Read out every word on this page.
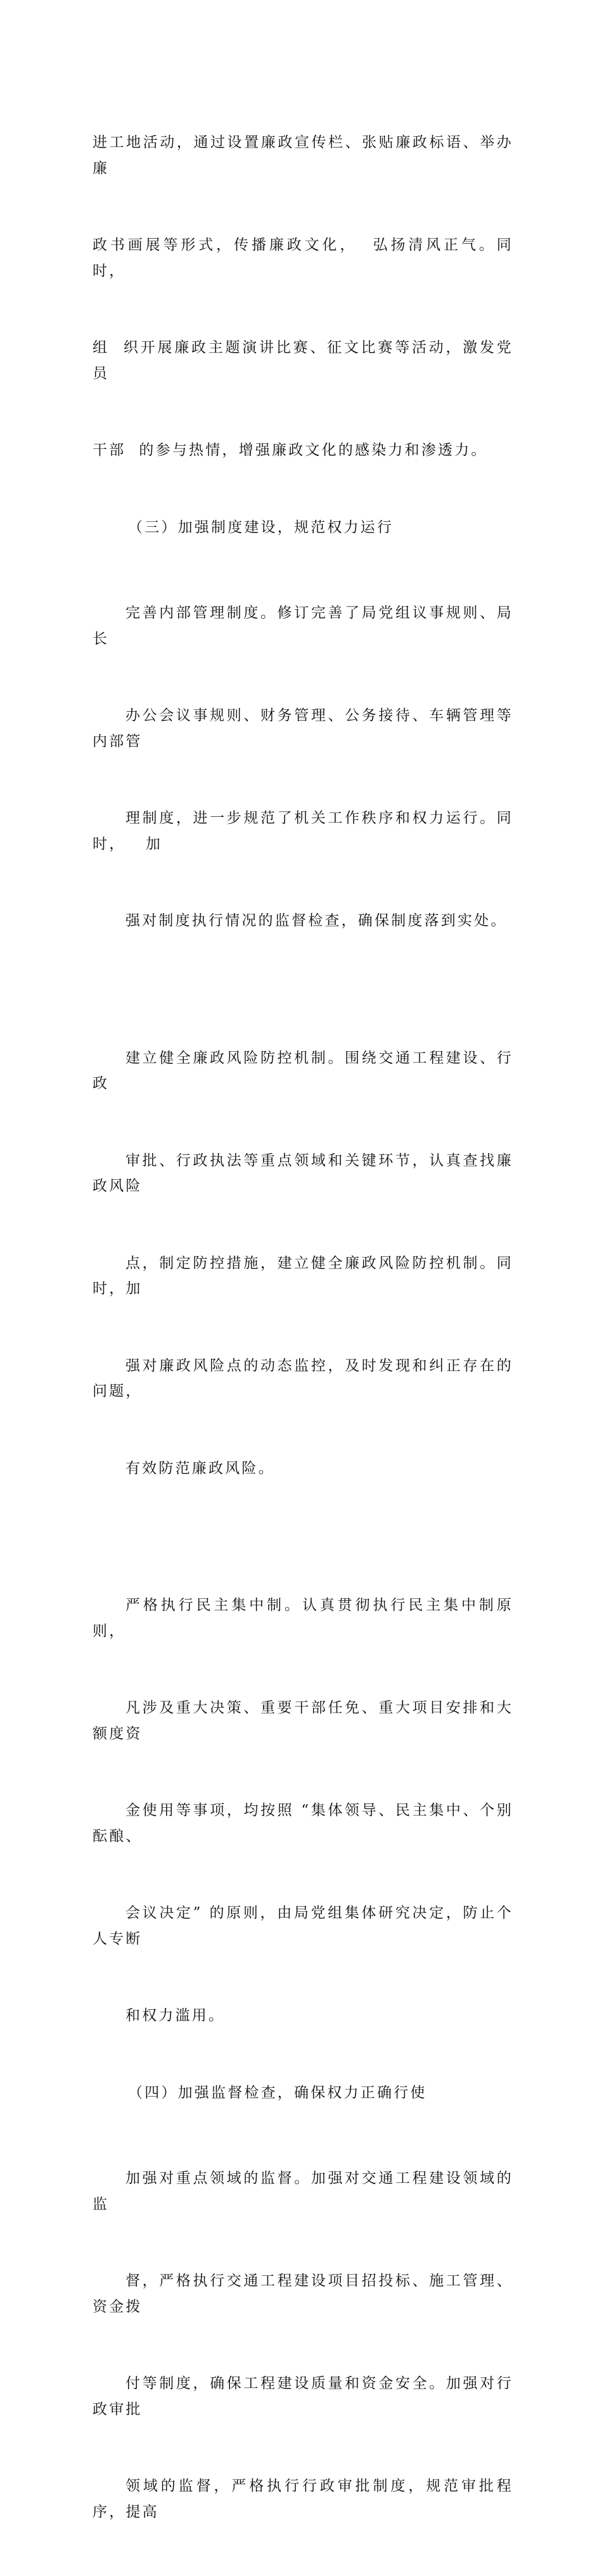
进工地活动，通过设置廉政宣传栏、张贴廉政标语、举办廉

政书画展等形式，传播廉政文化，  弘扬清风正气。同时，

组  织开展廉政主题演讲比赛、征文比赛等活动，激发党员

干部  的参与热情，增强廉政文化的感染力和渗透力。

（三）加强制度建设，规范权力运行

完善内部管理制度。修订完善了局党组议事规则、局长

办公会议事规则、财务管理、公务接待、车辆管理等内部管

理制度，进一步规范了机关工作秩序和权力运行。同时，   加

强对制度执行情况的监督检查，确保制度落到实处。

建立健全廉政风险防控机制。围绕交通工程建设、行政

审批、行政执法等重点领域和关键环节，认真查找廉政风险

点，制定防控措施，建立健全廉政风险防控机制。同时，加

强对廉政风险点的动态监控，及时发现和纠正存在的问题，

有效防范廉政风险。

严格执行民主集中制。认真贯彻执行民主集中制原则，

凡涉及重大决策、重要干部任免、重大项目安排和大额度资

金使用等事项，均按照 “集体领导、民主集中、个别酝酿、

会议决定” 的原则，由局党组集体研究决定，防止个人专断

和权力滥用。

（四）加强监督检查，确保权力正确行使

加强对重点领域的监督。加强对交通工程建设领域的监

督，严格执行交通工程建设项目招投标、施工管理、资金拨

付等制度，确保工程建设质量和资金安全。加强对行政审批

领域的监督，严格执行行政审批制度，规范审批程序，提高
